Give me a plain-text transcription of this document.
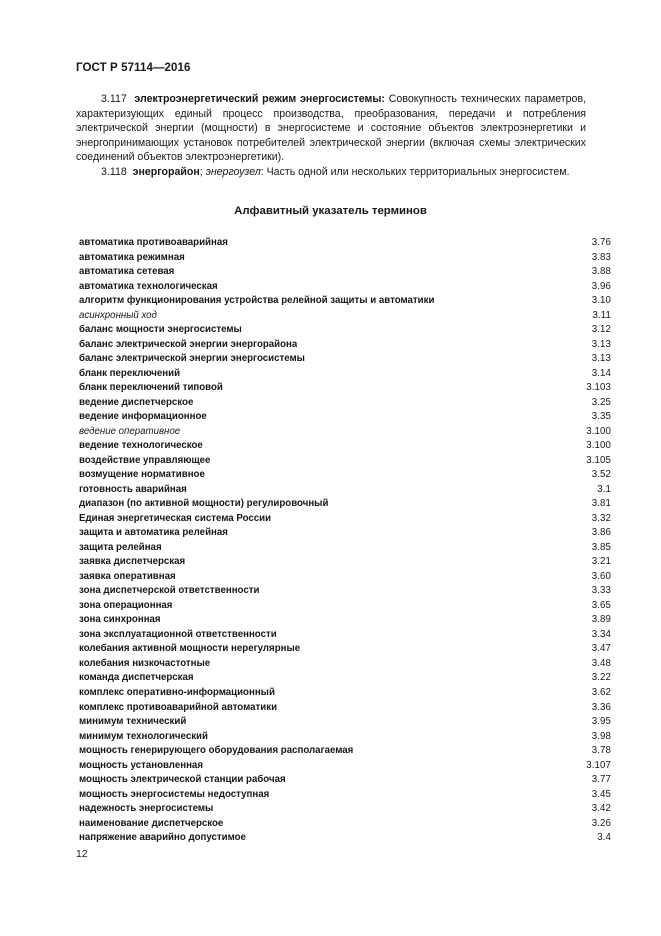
ГОСТ Р 57114—2016

3.117 электроэнергетический режим энергосистемы: Совокупность технических параметров, характеризующих единый процесс производства, преобразования, передачи и потребления электрической энергии (мощности) в энергосистеме и состояние объектов электроэнергетики и энергопринимающих установок потребителей электрической энергии (включая схемы электрических соединений объектов электроэнергетики).

3.118 энергорайон; энергоузел: Часть одной или нескольких территориальных энергосистем.

Алфавитный указатель терминов
автоматика противоаварийная	3.76
автоматика режимная	3.83
автоматика сетевая	3.88
автоматика технологическая	3.96
алгоритм функционирования устройства релейной защиты и автоматики	3.10
асинхронный ход	3.11
баланс мощности энергосистемы	3.12
баланс электрической энергии энергорайона	3.13
баланс электрической энергии энергосистемы	3.13
бланк переключений	3.14
бланк переключений типовой	3.103
ведение диспетчерское	3.25
ведение информационное	3.35
ведение оперативное	3.100
ведение технологическое	3.100
воздействие управляющее	3.105
возмущение нормативное	3.52
готовность аварийная	3.1
диапазон (по активной мощности) регулировочный	3.81
Единая энергетическая система России	3.32
защита и автоматика релейная	3.86
защита релейная	3.85
заявка диспетчерская	3.21
заявка оперативная	3.60
зона диспетчерской ответственности	3.33
зона операционная	3.65
зона синхронная	3.89
зона эксплуатационной ответственности	3.34
колебания активной мощности нерегулярные	3.47
колебания низкочастотные	3.48
команда диспетчерская	3.22
комплекс оперативно-информационный	3.62
комплекс противоаварийной автоматики	3.36
минимум технический	3.95
минимум технологический	3.98
мощность генерирующего оборудования располагаемая	3.78
мощность установленная	3.107
мощность электрической станции рабочая	3.77
мощность энергосистемы недоступная	3.45
надежность энергосистемы	3.42
наименование диспетчерское	3.26
напряжение аварийно допустимое	3.4
12
